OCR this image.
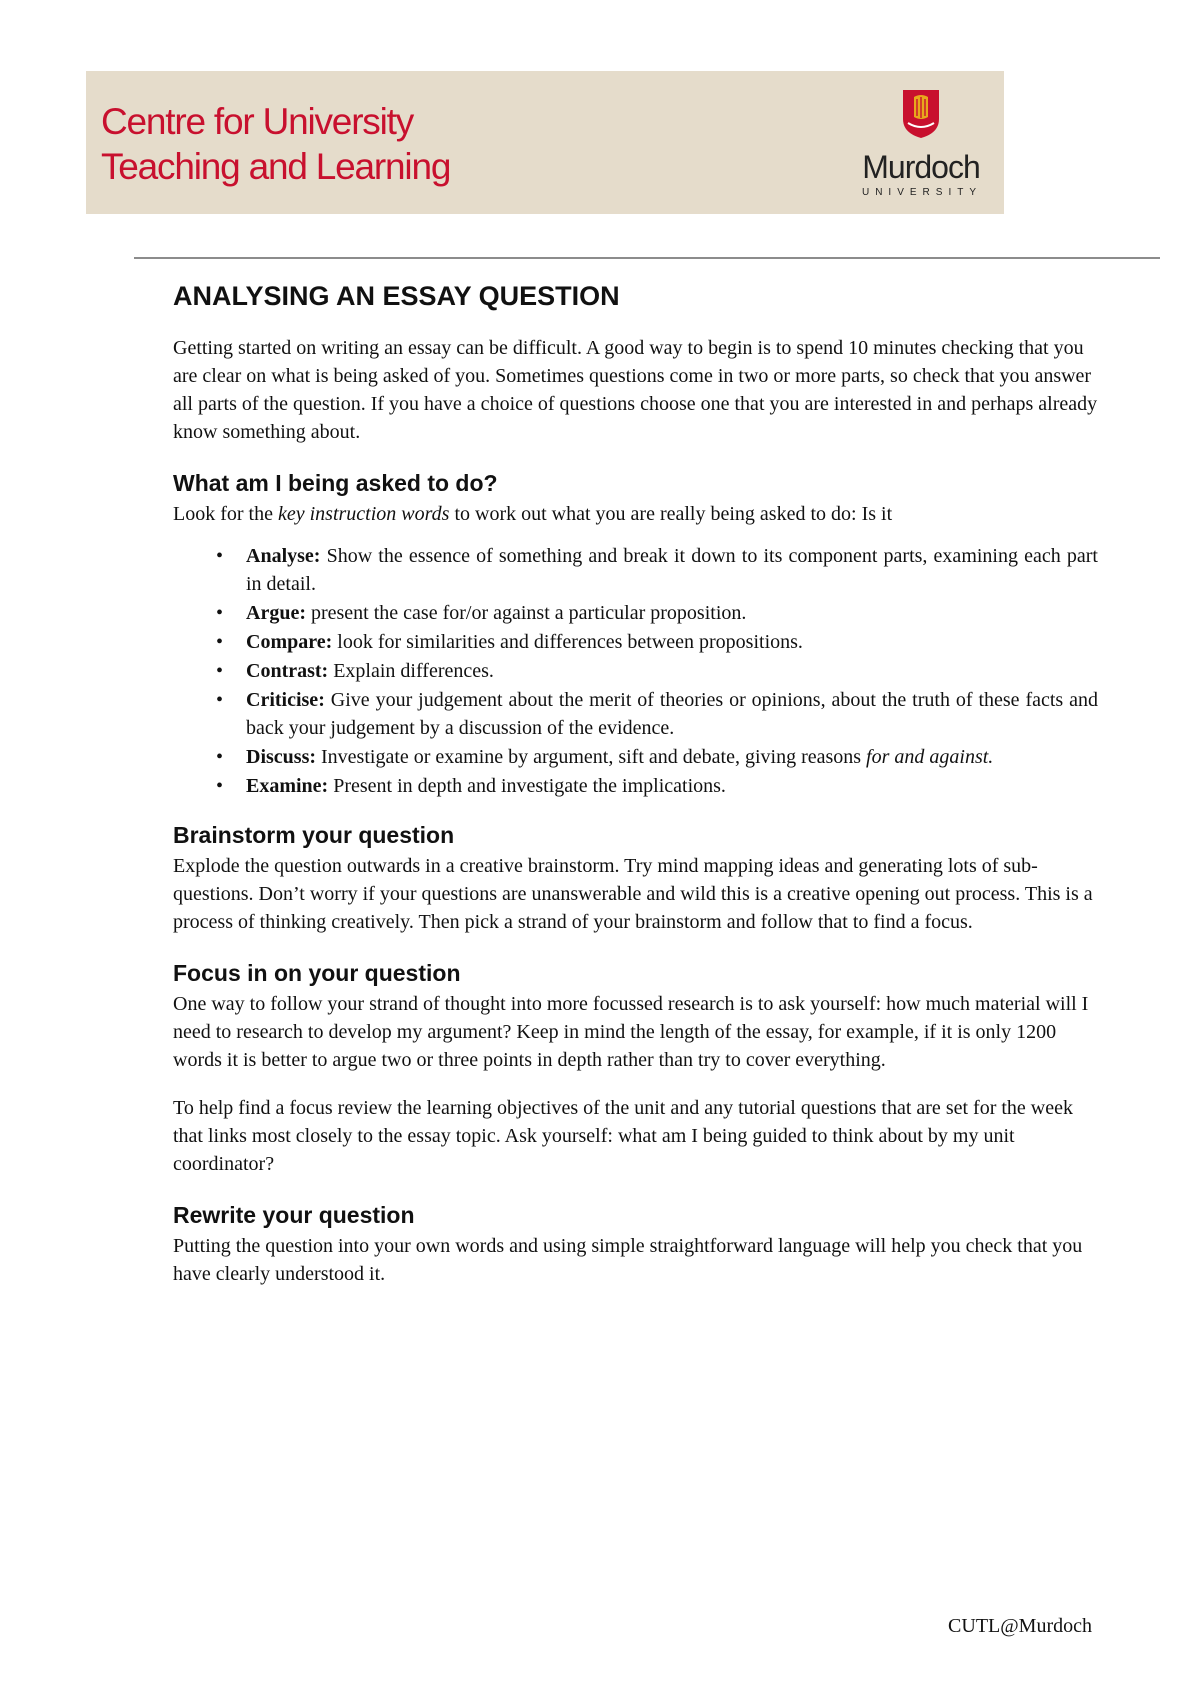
Centre for University
Teaching and Learning	Murdoch
UNIVERSITY
ANALYSING AN ESSAY QUESTION

Getting started on writing an essay can be difficult. A good way to begin is to spend 10 minutes checking that you are clear on what is being asked of you. Sometimes questions come in two or more parts, so check that you answer all parts of the question. If you have a choice of questions choose one that you are interested in and perhaps already know something about.

What am I being asked to do?

Look for the key instruction words to work out what you are really being asked to do: Is it

• Analyse: Show the essence of something and break it down to its component parts, examining each part in detail.
• Argue: present the case for/or against a particular proposition.
• Compare: look for similarities and differences between propositions.
• Contrast: Explain differences.
• Criticise: Give your judgement about the merit of theories or opinions, about the truth of these facts and back your judgement by a discussion of the evidence.
• Discuss: Investigate or examine by argument, sift and debate, giving reasons for and against.
• Examine: Present in depth and investigate the implications.
Brainstorm your question

Explode the question outwards in a creative brainstorm. Try mind mapping ideas and generating lots of sub-questions. Don’t worry if your questions are unanswerable and wild this is a creative opening out process. This is a process of thinking creatively. Then pick a strand of your brainstorm and follow that to find a focus.

Focus in on your question

One way to follow your strand of thought into more focussed research is to ask yourself: how much material will I need to research to develop my argument? Keep in mind the length of the essay, for example, if it is only 1200 words it is better to argue two or three points in depth rather than try to cover everything.

To help find a focus review the learning objectives of the unit and any tutorial questions that are set for the week that links most closely to the essay topic. Ask yourself: what am I being guided to think about by my unit coordinator?

Rewrite your question

Putting the question into your own words and using simple straightforward language will help you check that you have clearly understood it.

CUTL@Murdoch
